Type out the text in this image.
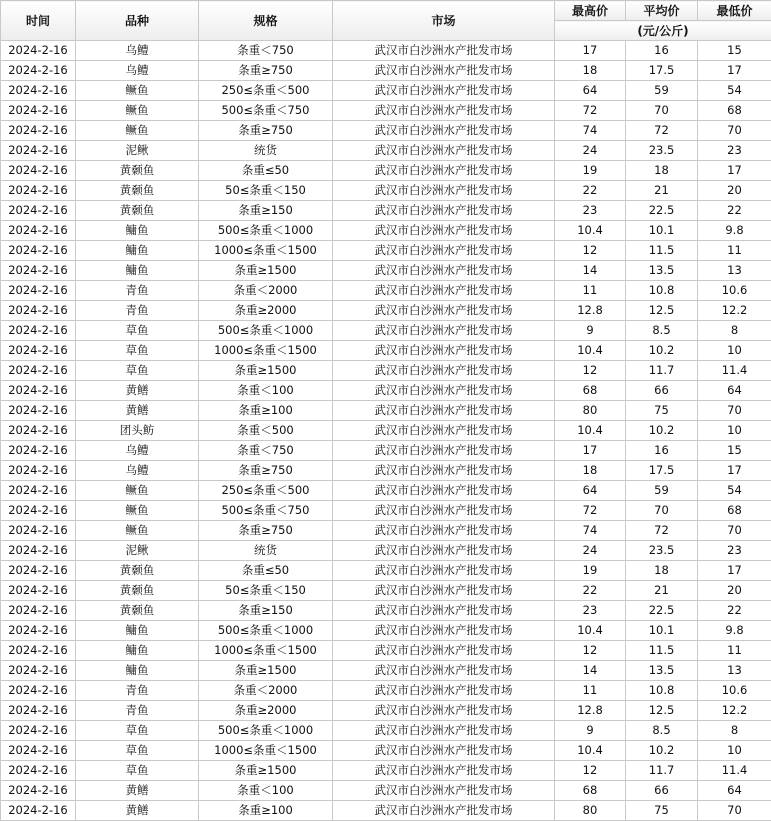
时间	品种	规格	市场	最高价	平均价	最低价
				(元/公斤)		
2024-2-16	乌鳢	条重＜750	武汉市白沙洲水产批发市场	17	16	15
2024-2-16	乌鳢	条重≥750	武汉市白沙洲水产批发市场	18	17.5	17
2024-2-16	鳜鱼	250≤条重＜500	武汉市白沙洲水产批发市场	64	59	54
2024-2-16	鳜鱼	500≤条重＜750	武汉市白沙洲水产批发市场	72	70	68
2024-2-16	鳜鱼	条重≥750	武汉市白沙洲水产批发市场	74	72	70
2024-2-16	泥鳅	统货	武汉市白沙洲水产批发市场	24	23.5	23
2024-2-16	黄颡鱼	条重≤50	武汉市白沙洲水产批发市场	19	18	17
2024-2-16	黄颡鱼	50≤条重＜150	武汉市白沙洲水产批发市场	22	21	20
2024-2-16	黄颡鱼	条重≥150	武汉市白沙洲水产批发市场	23	22.5	22
2024-2-16	鳙鱼	500≤条重＜1000	武汉市白沙洲水产批发市场	10.4	10.1	9.8
2024-2-16	鳙鱼	1000≤条重＜1500	武汉市白沙洲水产批发市场	12	11.5	11
2024-2-16	鳙鱼	条重≥1500	武汉市白沙洲水产批发市场	14	13.5	13
2024-2-16	青鱼	条重＜2000	武汉市白沙洲水产批发市场	11	10.8	10.6
2024-2-16	青鱼	条重≥2000	武汉市白沙洲水产批发市场	12.8	12.5	12.2
2024-2-16	草鱼	500≤条重＜1000	武汉市白沙洲水产批发市场	9	8.5	8
2024-2-16	草鱼	1000≤条重＜1500	武汉市白沙洲水产批发市场	10.4	10.2	10
2024-2-16	草鱼	条重≥1500	武汉市白沙洲水产批发市场	12	11.7	11.4
2024-2-16	黄鳝	条重＜100	武汉市白沙洲水产批发市场	68	66	64
2024-2-16	黄鳝	条重≥100	武汉市白沙洲水产批发市场	80	75	70
2024-2-16	团头鲂	条重＜500	武汉市白沙洲水产批发市场	10.4	10.2	10
2024-2-16	乌鳢	条重＜750	武汉市白沙洲水产批发市场	17	16	15
2024-2-16	乌鳢	条重≥750	武汉市白沙洲水产批发市场	18	17.5	17
2024-2-16	鳜鱼	250≤条重＜500	武汉市白沙洲水产批发市场	64	59	54
2024-2-16	鳜鱼	500≤条重＜750	武汉市白沙洲水产批发市场	72	70	68
2024-2-16	鳜鱼	条重≥750	武汉市白沙洲水产批发市场	74	72	70
2024-2-16	泥鳅	统货	武汉市白沙洲水产批发市场	24	23.5	23
2024-2-16	黄颡鱼	条重≤50	武汉市白沙洲水产批发市场	19	18	17
2024-2-16	黄颡鱼	50≤条重＜150	武汉市白沙洲水产批发市场	22	21	20
2024-2-16	黄颡鱼	条重≥150	武汉市白沙洲水产批发市场	23	22.5	22
2024-2-16	鳙鱼	500≤条重＜1000	武汉市白沙洲水产批发市场	10.4	10.1	9.8
2024-2-16	鳙鱼	1000≤条重＜1500	武汉市白沙洲水产批发市场	12	11.5	11
2024-2-16	鳙鱼	条重≥1500	武汉市白沙洲水产批发市场	14	13.5	13
2024-2-16	青鱼	条重＜2000	武汉市白沙洲水产批发市场	11	10.8	10.6
2024-2-16	青鱼	条重≥2000	武汉市白沙洲水产批发市场	12.8	12.5	12.2
2024-2-16	草鱼	500≤条重＜1000	武汉市白沙洲水产批发市场	9	8.5	8
2024-2-16	草鱼	1000≤条重＜1500	武汉市白沙洲水产批发市场	10.4	10.2	10
2024-2-16	草鱼	条重≥1500	武汉市白沙洲水产批发市场	12	11.7	11.4
2024-2-16	黄鳝	条重＜100	武汉市白沙洲水产批发市场	68	66	64
2024-2-16	黄鳝	条重≥100	武汉市白沙洲水产批发市场	80	75	70
